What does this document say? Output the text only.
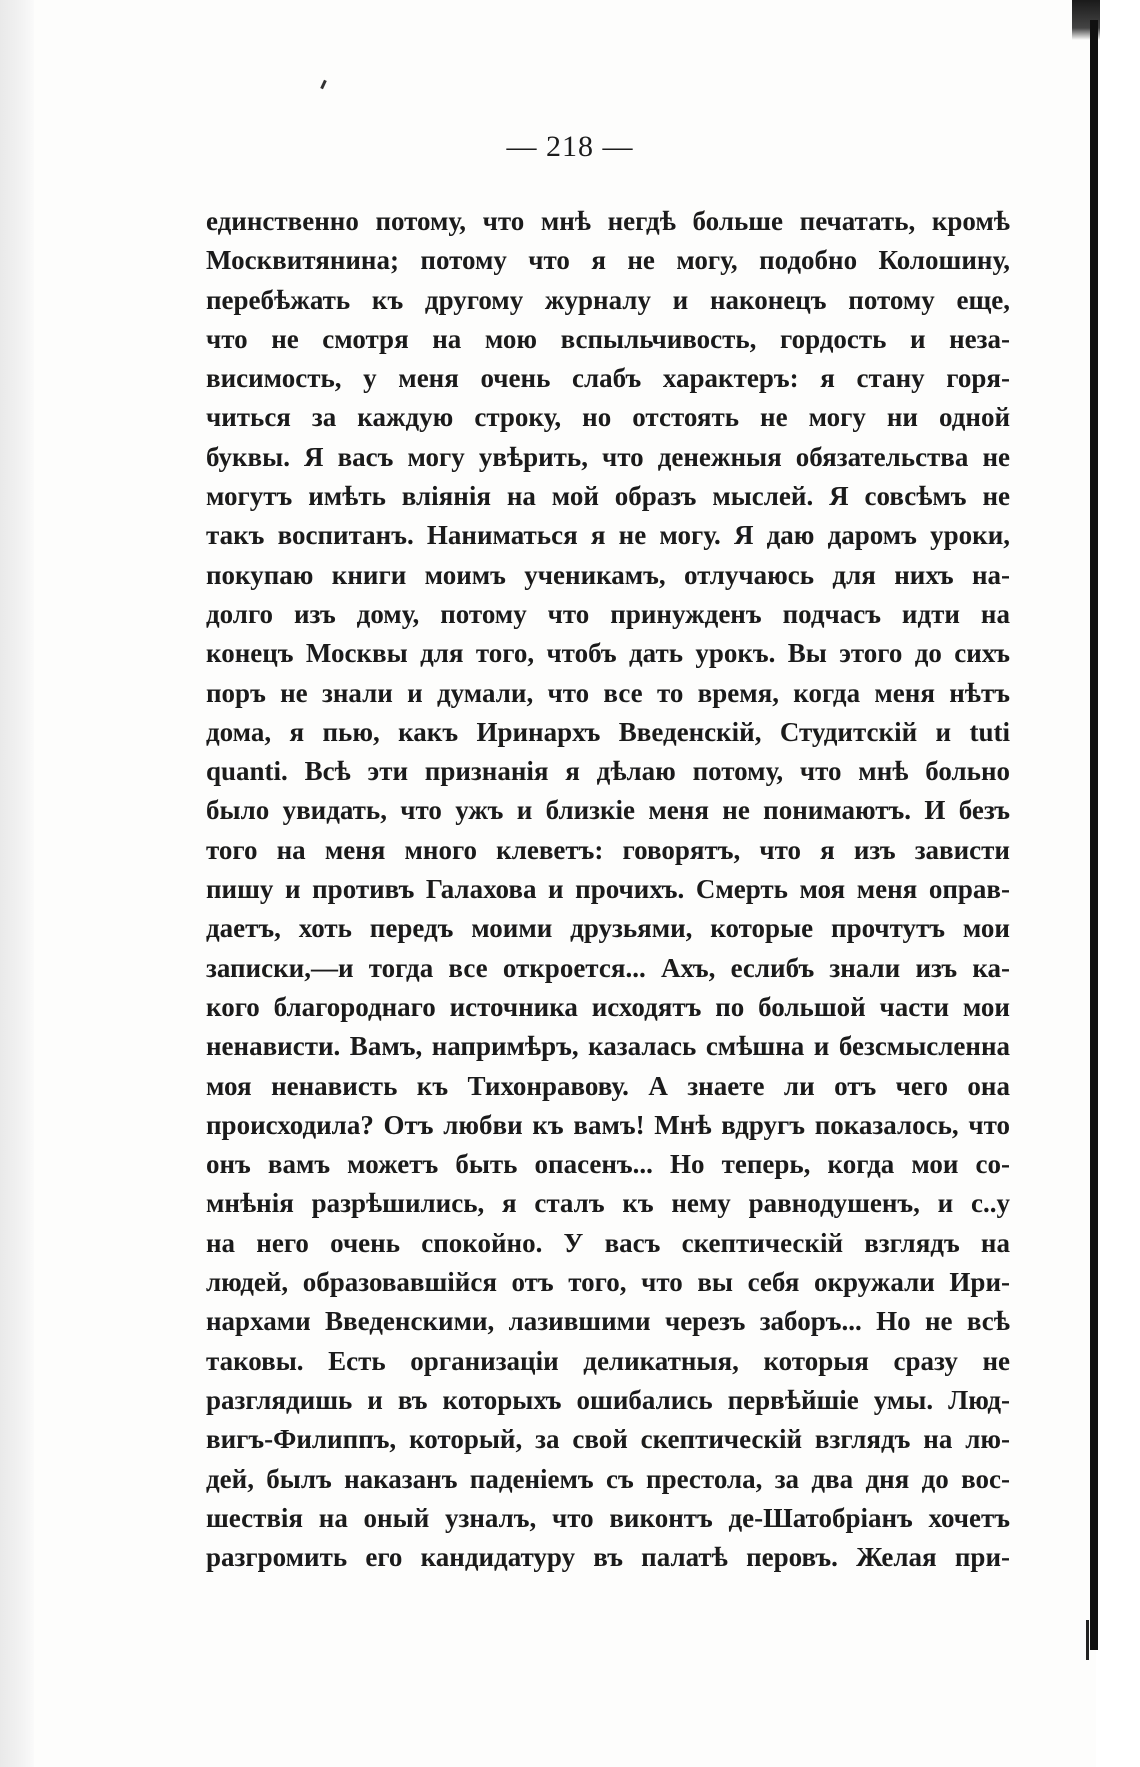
— 218 —
единственно потому, что мнѣ негдѣ больше печатать, кромѣ
Москвитянина; потому что я не могу, подобно Колошину,
перебѣжать къ другому журналу и наконецъ потому еще,
что не смотря на мою вспыльчивость, гордость и неза-
висимость, у меня очень слабъ характеръ: я стану горя-
читься за каждую строку, но отстоять не могу ни одной
буквы. Я васъ могу увѣрить, что денежныя обязательства не
могутъ имѣть вліянія на мой образъ мыслей. Я совсѣмъ не
такъ воспитанъ. Наниматься я не могу. Я даю даромъ уроки,
покупаю книги моимъ ученикамъ, отлучаюсь для нихъ на-
долго изъ дому, потому что принужденъ подчасъ идти на
конецъ Москвы для того, чтобъ дать урокъ. Вы этого до сихъ
поръ не знали и думали, что все то время, когда меня нѣтъ
дома, я пью, какъ Иринархъ Введенскій, Студитскій и tuti
quanti. Всѣ эти признанія я дѣлаю потому, что мнѣ больно
было увидать, что ужъ и близкіе меня не понимаютъ. И безъ
того на меня много клеветъ: говорятъ, что я изъ зависти
пишу и противъ Галахова и прочихъ. Смерть моя меня оправ-
даетъ, хоть передъ моими друзьями, которые прочтутъ мои
записки,—и тогда все откроется... Ахъ, еслибъ знали изъ ка-
кого благороднаго источника исходятъ по большой части мои
ненависти. Вамъ, напримѣръ, казалась смѣшна и безсмысленна
моя ненависть къ Тихонравову. А знаете ли отъ чего она
происходила? Отъ любви къ вамъ! Мнѣ вдругъ показалось, что
онъ вамъ можетъ быть опасенъ... Но теперь, когда мои со-
мнѣнія разрѣшились, я сталъ къ нему равнодушенъ, и с..у
на него очень спокойно. У васъ скептическій взглядъ на
людей, образовавшійся отъ того, что вы себя окружали Ири-
нархами Введенскими, лазившими черезъ заборъ... Но не всѣ
таковы. Есть организаціи деликатныя, которыя сразу не
разглядишь и въ которыхъ ошибались первѣйшіе умы. Люд-
вигъ-Филиппъ, который, за свой скептическій взглядъ на лю-
дей, былъ наказанъ паденіемъ съ престола, за два дня до вос-
шествія на оный узналъ, что виконтъ де-Шатобріанъ хочетъ
разгромить его кандидатуру въ палатѣ перовъ. Желая при-
